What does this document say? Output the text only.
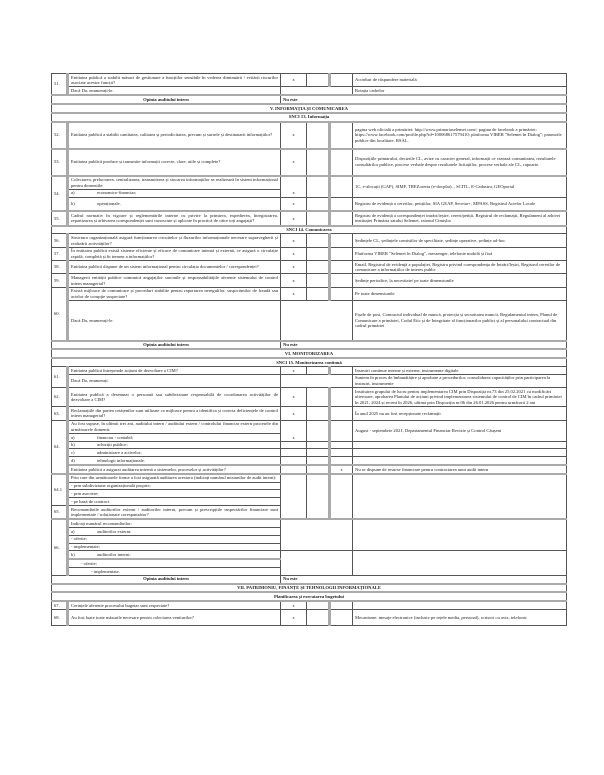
51.	Entitatea publică a stabilit măsuri de gestionare a funcțiilor sensibile în vederea diminuării / evitării riscurilor asociate acestor funcții?	x			Acorduri de răspundere materială
	Dacă Da, enumerați-le.				Rotația cadrelor
Opinia auditului intern		Nu este			
V. INFORMAȚIA ȘI COMUNICAREA					
SNCI 13. Informația					
52.	Entitatea publică a stabilit cantitatea, calitatea și periodicitatea, precum și sursele și destinatarii informațiilor?	x			pagina web oficială a primăriei: http://www.primariaselemet.com/; pagina de facebook a primăriei: https://www.facebook.com/profile.php?id=100068617579410; platforma VIBER "Selemet în Dialog"; panourile publice din localitate, RSAL.
53.	Entitatea publică produce și transmite informații corecte, clare, utile și complete?	x			Dispozițiile primarului, deciziile CL, avize cu caracter general, informații ce vizează comunitatea, rezultatele consultărilor publice, procese verbale despre rezultatele licitațiilor, procese verbale ale CL, rapoarte.
54.	Colectarea, prelucrarea, centralizarea, transmiterea și stocarea informațiilor se realizează în sistem informațional pentru domeniile:	x			1C, e-alocații (GAP), SIMF, TREZoreria (e-docplat), , SCITL, E-Cadastru, GEOportal
	a) economico-financiar;				
	b) operaționale.	x			Registru de evidență a cererilor, petițiilor, SIA GEAP, Secetar+, MPASS, Registrul Actelor Locale
55.	Cadrul normativ în vigoare și reglementările interne cu privire la primirea, expedierea, înregistrarea, repartizarea și arhivarea corespondenței sunt cunoscute și aplicate în practică de către toți angajații?	x			Registru de evidență a corespondenței intrări/ieșire, cereri/petiții, Registrul de reclamații, Regulament al arhivei instituției Primăria satului Selemet, raionul Cimișlia
SNCI 14. Comunicarea					
56.	Structura organizațională asigură funcționarea circuitelor și fluxurilor informaționale necesare supravegherii și realizării activităților?	x			Ședințele CL, ședințele comisiilor de specilitate, ședințe operative, ședințe ad-hoc
57.	În entitatea publică există sisteme eficiente și eficace de comunicare internă și externă, ce asigură o circulație rapidă, completă și în termen a informațiilor?	x			Platforma VIBER "Selemet în Dialog", messenger, telefonie mobilă și fixă
58.	Entitatea publică dispune de un sistem informațional pentru circulația documentelor / corespondenței?	x			Email, Registrul de evidență a populației, Registru privind corespondența de Intrări/Ieșiri, Registrul cererilor de comunicare a informațiilor de interes public
59.	Managerii entității publice comunică angajaților sarcinile și responsabilitățile aferente sistemului de control intern managerial?	x			Ședințe periodice, la necesitate/ pe toate dimensiunile
60.	Există mijloace de comunicare și proceduri stabilite pentru raportarea neregulilor, suspiciunilor de fraudă sau actelor de corupție suspectate?	x			Pe toate dimensiunile
	Dacă Da, enumerați-le.				Fișele de post, Contractul individual de muncă, protecția și securitatea muncii, Regulamentul intern, Planul de Comunicare a primăriei, Codul Etic și de Integritate al funcționarilor publici și al personalului contractual din cadrul primăriei
Opinia auditului intern		Nu este			
VI. MONITORIZAREA					
SNCI 15. Monitorizarea continuă					
61.	Entitatea publică întreprinde acțiuni de dezvoltare a CIM?	x			Instruiri continue interne și externe, instrumente digitale
	Dacă Da, enumerați.				Suntem în proces de îmbunătățire și aprobare a procedurilor, consolidarea capacităților prin participarea la instruiri, instrumente
62.	Entitatea publică a desemnat o persoană sau subdiviziune responsabilă de coordonarea activităților de dezvoltare a CIM?	x			Instituirea grupului de lucru pentru implementarea CIM prin Dispoziția nr.73 din 25.02.2021 cu modificări ulterioare, aprobarea Planului de acțiuni privind implementarea sistemului de control de CIM în cadrul primăriei în 2021, 2024 și recent în 2026, ultima prin Dispoziția nr.06 din 26.01.2026 pentru următorii 2 ani
63.	Reclamațiile din partea cetățenilor sunt utilizate ca mijloace pentru a identifica și corecta deficiențele de control intern managerial?	x			În anul 2025 nu au fost recepționate reclamații
64.	Au fost supuse, în ultimii trei ani, auditului intern / auditului extern / controlului financiar extern procesele din următoarele domenii:	x			August - septembrie 2021, Departamentul Financiar Revizie și Control Căușeni
	a) financiar - contabil;				
	b) achiziții publice;				
	c) administrare a activelor;				
	d) tehnologii informaționale.				
	Entitatea publică a asigurat auditarea internă a sistemelor, proceselor și activităților?			x	Nu se dispune de resurse financiare pentru contractarea unui audit intern
64.1	Prin care din următoarele forme a fost asigurată auditarea acestora (indicați numărul misiunilor de audit intern):				
	- prin subdiviziune organizațională proprie;				
	- prin asociere;				
	- pe bază de contract.				
65.	Recomandările auditorilor externi / auditorilor interni, precum și prescripțiile inspectărilor financiare sunt implementate / soluționate corespunzător?				
66.	Indicați numărul recomandărilor:				
	a) auditorilor externi:				
	- oferite;				
	- implementate;				
	b) auditorilor interni:				
	- oferite;				
	- implementate.				
Opinia auditului intern		Nu este			
VII. PATRIMONIU, FINANȚE ȘI TEHNOLOGII INFORMAȚIONALE					
Planificarea și executarea bugetului					
67.	Cerințele aferente procesului bugetar sunt respectate?	x			
68.	Au fost luate toate măsurile necesare pentru colectarea veniturilor?	x			Mecanisme: mesaje electronice (inclusiv pe rețele media, personal), scrisori cu aviz, telefonic
